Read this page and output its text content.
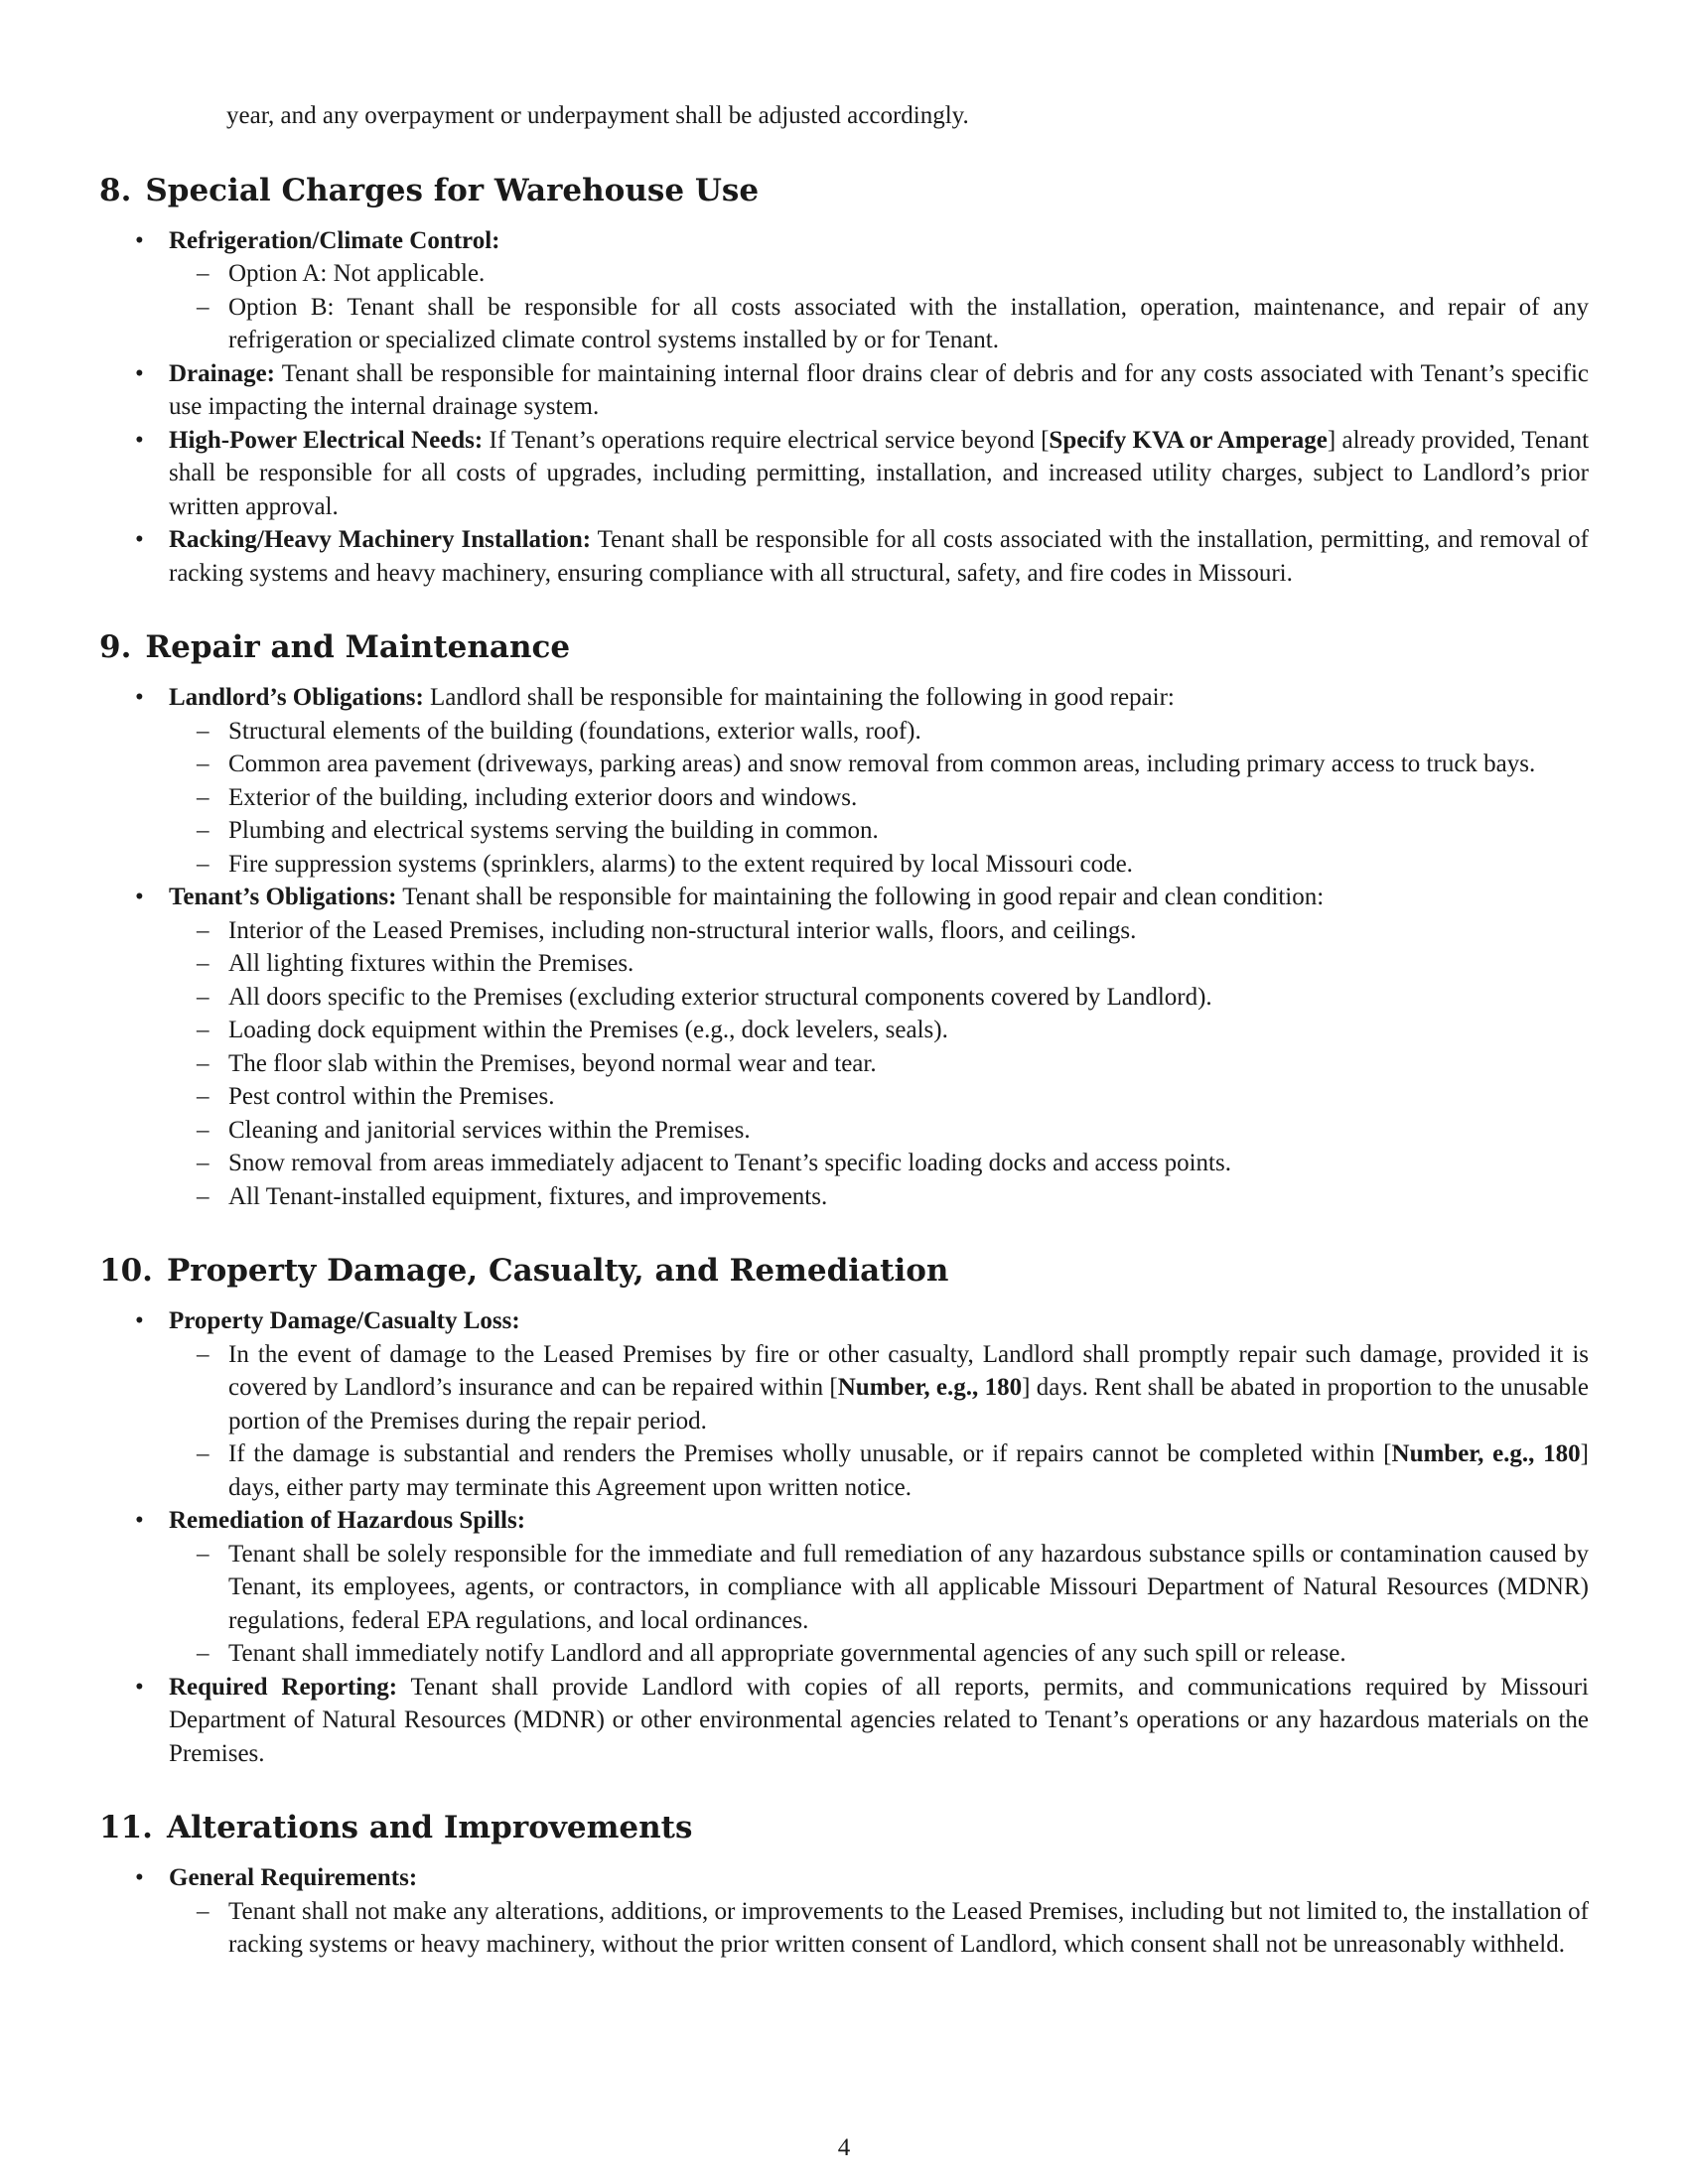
year, and any overpayment or underpayment shall be adjusted accordingly.

8. Special Charges for Warehouse Use
• Refrigeration/Climate Control:
– Option A: Not applicable.
– Option B: Tenant shall be responsible for all costs associated with the installation, operation, maintenance, and repair of any refrigeration or specialized climate control systems installed by or for Tenant.
• Drainage: Tenant shall be responsible for maintaining internal floor drains clear of debris and for any costs associated with Tenant’s specific use impacting the internal drainage system.
• High-Power Electrical Needs: If Tenant’s operations require electrical service beyond [Specify KVA or Amperage] already provided, Tenant shall be responsible for all costs of upgrades, including permitting, installation, and increased utility charges, subject to Landlord’s prior written approval.
• Racking/Heavy Machinery Installation: Tenant shall be responsible for all costs associated with the installation, permitting, and removal of racking systems and heavy machinery, ensuring compliance with all structural, safety, and fire codes in Missouri.
9. Repair and Maintenance
• Landlord’s Obligations: Landlord shall be responsible for maintaining the following in good repair:
– Structural elements of the building (foundations, exterior walls, roof).
– Common area pavement (driveways, parking areas) and snow removal from common areas, including primary access to truck bays.
– Exterior of the building, including exterior doors and windows.
– Plumbing and electrical systems serving the building in common.
– Fire suppression systems (sprinklers, alarms) to the extent required by local Missouri code.
• Tenant’s Obligations: Tenant shall be responsible for maintaining the following in good repair and clean condition:
– Interior of the Leased Premises, including non-structural interior walls, floors, and ceilings.
– All lighting fixtures within the Premises.
– All doors specific to the Premises (excluding exterior structural components covered by Landlord).
– Loading dock equipment within the Premises (e.g., dock levelers, seals).
– The floor slab within the Premises, beyond normal wear and tear.
– Pest control within the Premises.
– Cleaning and janitorial services within the Premises.
– Snow removal from areas immediately adjacent to Tenant’s specific loading docks and access points.
– All Tenant-installed equipment, fixtures, and improvements.
10. Property Damage, Casualty, and Remediation
• Property Damage/Casualty Loss:
– In the event of damage to the Leased Premises by fire or other casualty, Landlord shall promptly repair such damage, provided it is covered by Landlord’s insurance and can be repaired within [Number, e.g., 180] days. Rent shall be abated in proportion to the unusable portion of the Premises during the repair period.
– If the damage is substantial and renders the Premises wholly unusable, or if repairs cannot be completed within [Number, e.g., 180] days, either party may terminate this Agreement upon written notice.
• Remediation of Hazardous Spills:
– Tenant shall be solely responsible for the immediate and full remediation of any hazardous substance spills or contamination caused by Tenant, its employees, agents, or contractors, in compliance with all applicable Missouri Department of Natural Resources (MDNR) regulations, federal EPA regulations, and local ordinances.
– Tenant shall immediately notify Landlord and all appropriate governmental agencies of any such spill or release.
• Required Reporting: Tenant shall provide Landlord with copies of all reports, permits, and communications required by Missouri Department of Natural Resources (MDNR) or other environmental agencies related to Tenant’s operations or any hazardous materials on the Premises.
11. Alterations and Improvements
• General Requirements:
– Tenant shall not make any alterations, additions, or improvements to the Leased Premises, including but not limited to, the installation of racking systems or heavy machinery, without the prior written consent of Landlord, which consent shall not be unreasonably withheld.
4
